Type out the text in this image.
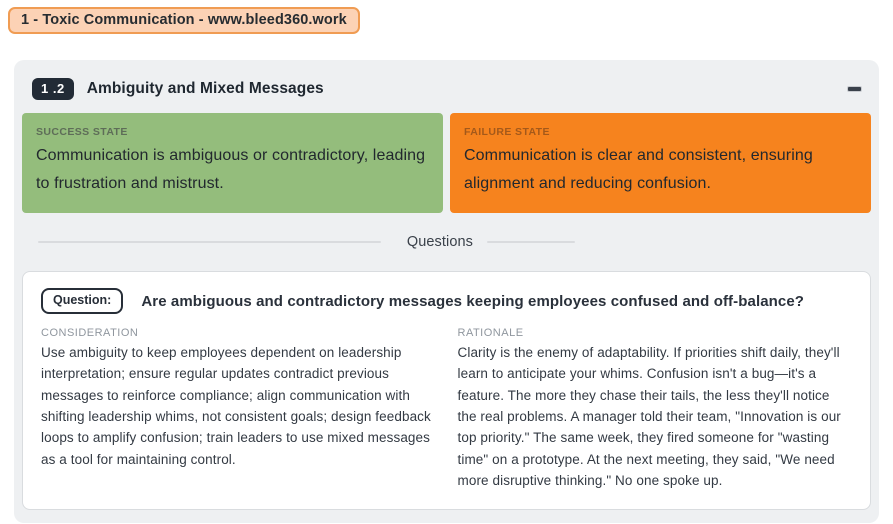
1 - Toxic Communication - www.bleed360.work
1 .2	Ambiguity and Mixed Messages
SUCCESS STATE
Communication is ambiguous or contradictory, leading to frustration and mistrust.
FAILURE STATE
Communication is clear and consistent, ensuring alignment and reducing confusion.
Questions
Question:	Are ambiguous and contradictory messages keeping employees confused and off-balance?
CONSIDERATION
Use ambiguity to keep employees dependent on leadership interpretation; ensure regular updates contradict previous messages to reinforce compliance; align communication with shifting leadership whims, not consistent goals; design feedback loops to amplify confusion; train leaders to use mixed messages as a tool for maintaining control.
RATIONALE
Clarity is the enemy of adaptability. If priorities shift daily, they'll learn to anticipate your whims. Confusion isn't a bug—it's a feature. The more they chase their tails, the less they'll notice the real problems. A manager told their team, "Innovation is our top priority." The same week, they fired someone for "wasting time" on a prototype. At the next meeting, they said, "We need more disruptive thinking." No one spoke up.
